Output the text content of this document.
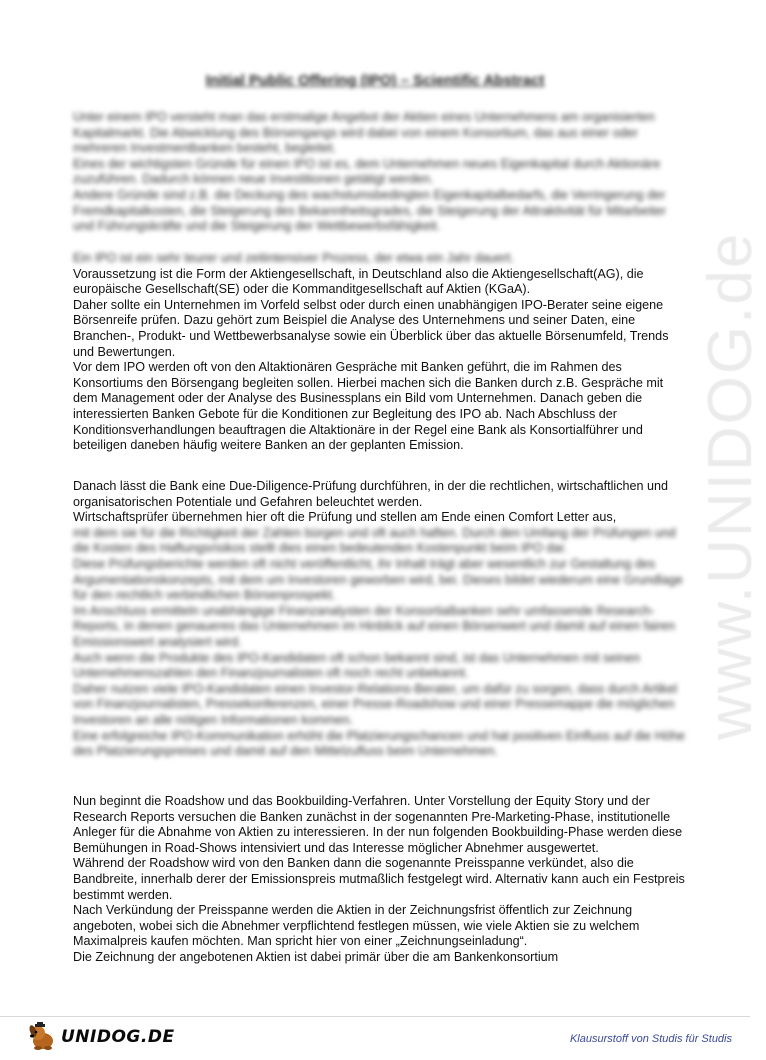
www.UNIDOG.de
Initial Public Offering (IPO) – Scientific Abstract

Unter einem IPO versteht man das erstmalige Angebot der Aktien eines Unternehmens am organisierten Kapitalmarkt. Die Abwicklung des Börsengangs wird dabei von einem Konsortium, das aus einer oder mehreren Investmentbanken besteht, begleitet.

Eines der wichtigsten Gründe für einen IPO ist es, dem Unternehmen neues Eigenkapital durch Aktionäre zuzuführen. Dadurch können neue Investitionen getätigt werden.

Andere Gründe sind z.B. die Deckung des wachstumsbedingten Eigenkapitalbedarfs, die Verringerung der Fremdkapitalkosten, die Steigerung des Bekanntheitsgrades, die Steigerung der Attraktivität für Mitarbeiter und Führungskräfte und die Steigerung der Wettbewerbsfähigkeit.

Ein IPO ist ein sehr teurer und zeitintensiver Prozess, der etwa ein Jahr dauert.

Voraussetzung ist die Form der Aktiengesellschaft, in Deutschland also die Aktiengesellschaft(AG), die europäische Gesellschaft(SE) oder die Kommanditgesellschaft auf Aktien (KGaA).

Daher sollte ein Unternehmen im Vorfeld selbst oder durch einen unabhängigen IPO-Berater seine eigene Börsenreife prüfen. Dazu gehört zum Beispiel die Analyse des Unternehmens und seiner Daten, eine Branchen-, Produkt- und Wettbewerbsanalyse sowie ein Überblick über das aktuelle Börsenumfeld, Trends und Bewertungen.

Vor dem IPO werden oft von den Altaktionären Gespräche mit Banken geführt, die im Rahmen des Konsortiums den Börsengang begleiten sollen. Hierbei machen sich die Banken durch z.B. Gespräche mit dem Management oder der Analyse des Businessplans ein Bild vom Unternehmen. Danach geben die interessierten Banken Gebote für die Konditionen zur Begleitung des IPO ab. Nach Abschluss der Konditionsverhandlungen beauftragen die Altaktionäre in der Regel eine Bank als Konsortialführer und beteiligen daneben häufig weitere Banken an der geplanten Emission.

Danach lässt die Bank eine Due-Diligence-Prüfung durchführen, in der die rechtlichen, wirtschaftlichen und organisatorischen Potentiale und Gefahren beleuchtet werden.

Wirtschaftsprüfer übernehmen hier oft die Prüfung und stellen am Ende einen Comfort Letter aus,

mit dem sie für die Richtigkeit der Zahlen bürgen und oft auch haften. Durch den Umfang der Prüfungen und die Kosten des Haftungsrisikos stellt dies einen bedeutenden Kostenpunkt beim IPO dar.

Diese Prüfungsberichte werden oft nicht veröffentlicht, ihr Inhalt trägt aber wesentlich zur Gestaltung des Argumentationskonzepts, mit dem um Investoren geworben wird, bei. Dieses bildet wiederum eine Grundlage für den rechtlich verbindlichen Börsenprospekt.

Im Anschluss ermitteln unabhängige Finanzanalysten der Konsortialbanken sehr umfassende Research-Reports, in denen genaueres das Unternehmen im Hinblick auf einen Börsenwert und damit auf einen fairen Emissionswert analysiert wird.

Auch wenn die Produkte des IPO-Kandidaten oft schon bekannt sind, ist das Unternehmen mit seinen Unternehmenszahlen den Finanzjournalisten oft noch recht unbekannt.

Daher nutzen viele IPO-Kandidaten einen Investor-Relations-Berater, um dafür zu sorgen, dass durch Artikel von Finanzjournalisten, Pressekonferenzen, einer Presse-Roadshow und einer Pressemappe die möglichen Investoren an alle nötigen Informationen kommen.

Eine erfolgreiche IPO-Kommunikation erhöht die Platzierungschancen und hat positiven Einfluss auf die Höhe des Platzierungspreises und damit auf den Mittelzufluss beim Unternehmen.

Nun beginnt die Roadshow und das Bookbuilding-Verfahren. Unter Vorstellung der Equity Story und der Research Reports versuchen die Banken zunächst in der sogenannten Pre-Marketing-Phase, institutionelle Anleger für die Abnahme von Aktien zu interessieren. In der nun folgenden Bookbuilding-Phase werden diese Bemühungen in Road-Shows intensiviert und das Interesse möglicher Abnehmer ausgewertet.

Während der Roadshow wird von den Banken dann die sogenannte Preisspanne verkündet, also die Bandbreite, innerhalb derer der Emissionspreis mutmaßlich festgelegt wird. Alternativ kann auch ein Festpreis bestimmt werden.

Nach Verkündung der Preisspanne werden die Aktien in der Zeichnungsfrist öffentlich zur Zeichnung angeboten, wobei sich die Abnehmer verpflichtend festlegen müssen, wie viele Aktien sie zu welchem Maximalpreis kaufen möchten. Man spricht hier von einer „Zeichnungseinladung“.

Die Zeichnung der angebotenen Aktien ist dabei primär über die am Bankenkonsortium

UNIDOG.DE	Klausurstoff von Studis für Studis
